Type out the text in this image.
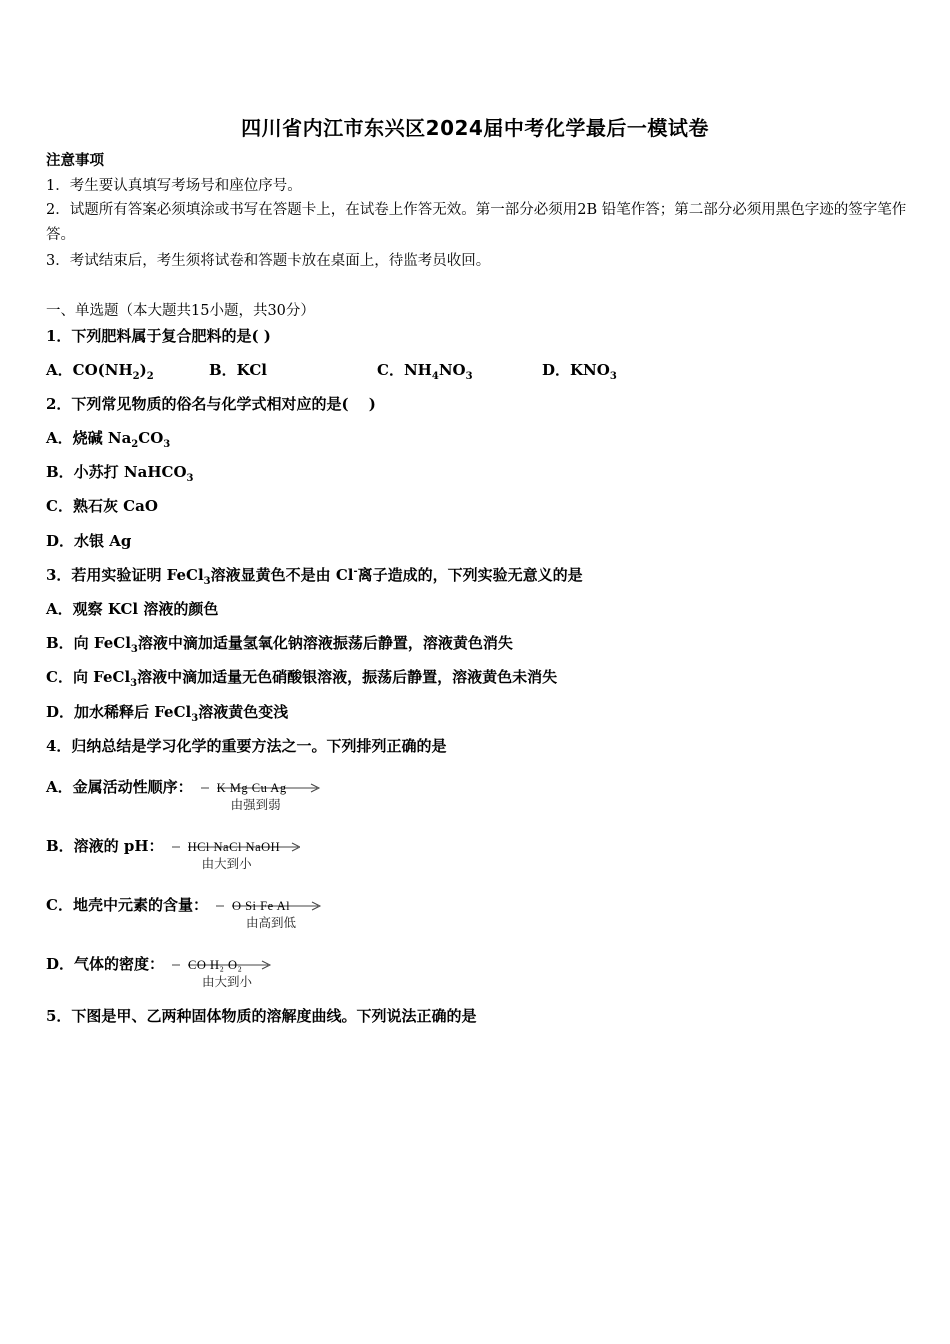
四川省内江市东兴区2024届中考化学最后一模试卷
注意事项
1．考生要认真填写考场号和座位序号。
2．试题所有答案必须填涂或书写在答题卡上，在试卷上作答无效。第一部分必须用2B 铅笔作答；第二部分必须用黑色字迹的签字笔作答。
3．考试结束后，考生须将试卷和答题卡放在桌面上，待监考员收回。
一、单选题（本大题共15小题，共30分）
1．下列肥料属于复合肥料的是( )
A．$CO(NH_2)_2$	B．KCl	C．$NH_4NO_3$	D．$KNO_3$
2．下列常见物质的俗名与化学式相对应的是(　 )
A．烧碱 $Na_2CO_3$
B．小苏打 NaHCO$_3$
C．熟石灰 CaO
D．水银 Ag
3．若用实验证明 FeCl$_3$溶液显黄色不是由 Cl-离子造成的，下列实验无意义的是
A．观察 KCl 溶液的颜色
B．向 FeCl$_3$溶液中滴加适量氢氧化钠溶液振荡后静置，溶液黄色消失
C．向 FeCl$_3$溶液中滴加适量无色硝酸银溶液，振荡后静置，溶液黄色未消失
D．加水稀释后 FeCl$_3$溶液黄色变浅
4．归纳总结是学习化学的重要方法之一。下列排列正确的是
A．金属活动性顺序： K Mg Cu Ag
由强到弱
B．溶液的 pH： HCl NaCl NaOH
由大到小
C．地壳中元素的含量： O Si Fe Al
由高到低
D．气体的密度： CO H₂ O₂
由大到小
5．下图是甲、乙两种固体物质的溶解度曲线。下列说法正确的是
